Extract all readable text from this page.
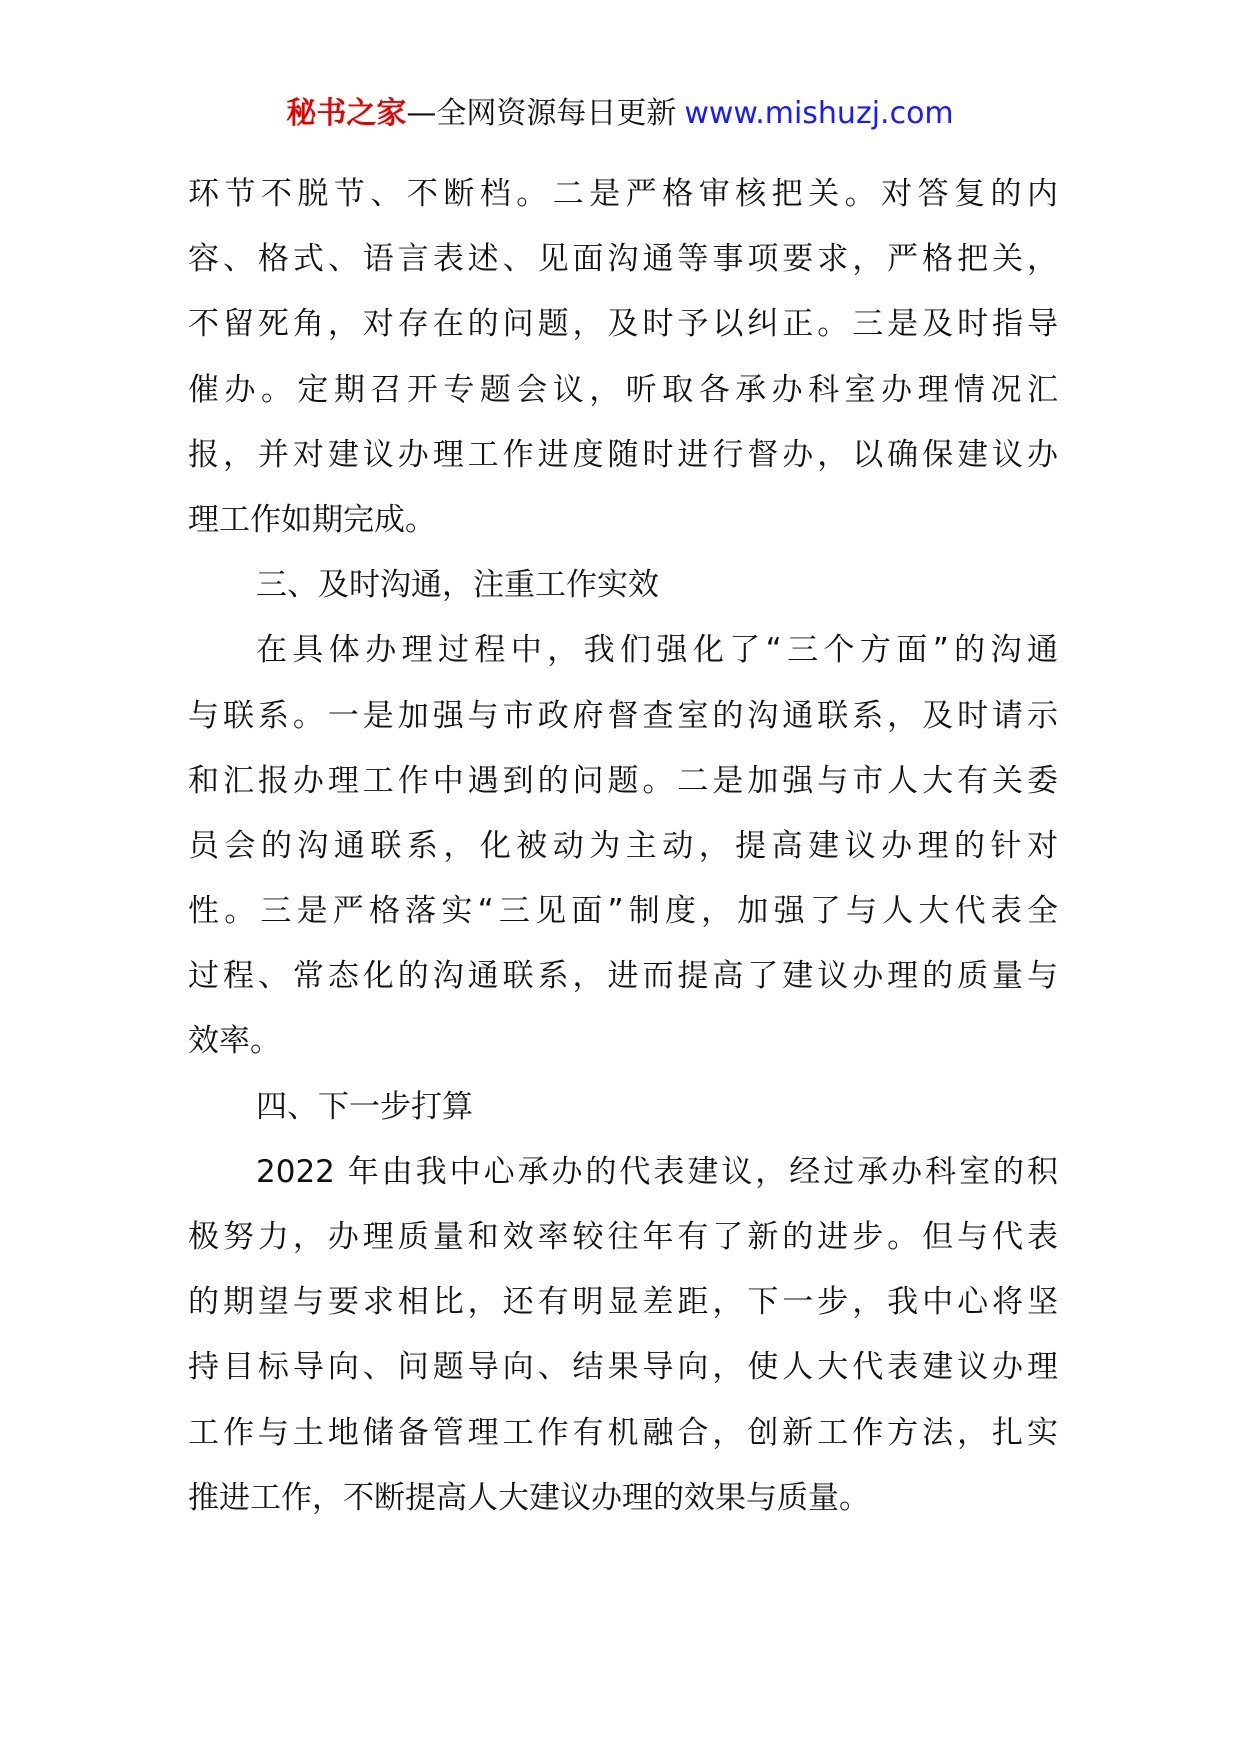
秘书之家—全网资源每日更新 www.mishuzj.com
环节不脱节、不断档。二是严格审核把关。对答复的内
容、格式、语言表述、见面沟通等事项要求，严格把关，
不留死角，对存在的问题，及时予以纠正。三是及时指导
催办。定期召开专题会议，听取各承办科室办理情况汇
报，并对建议办理工作进度随时进行督办，以确保建议办
理工作如期完成。
三、及时沟通，注重工作实效
在具体办理过程中，我们强化了“三个方面”的沟通
与联系。一是加强与市政府督查室的沟通联系，及时请示
和汇报办理工作中遇到的问题。二是加强与市人大有关委
员会的沟通联系，化被动为主动，提高建议办理的针对
性。三是严格落实“三见面”制度，加强了与人大代表全
过程、常态化的沟通联系，进而提高了建议办理的质量与
效率。
四、下一步打算
2022 年由我中心承办的代表建议，经过承办科室的积
极努力，办理质量和效率较往年有了新的进步。但与代表
的期望与要求相比，还有明显差距，下一步，我中心将坚
持目标导向、问题导向、结果导向，使人大代表建议办理
工作与土地储备管理工作有机融合，创新工作方法，扎实
推进工作，不断提高人大建议办理的效果与质量。
